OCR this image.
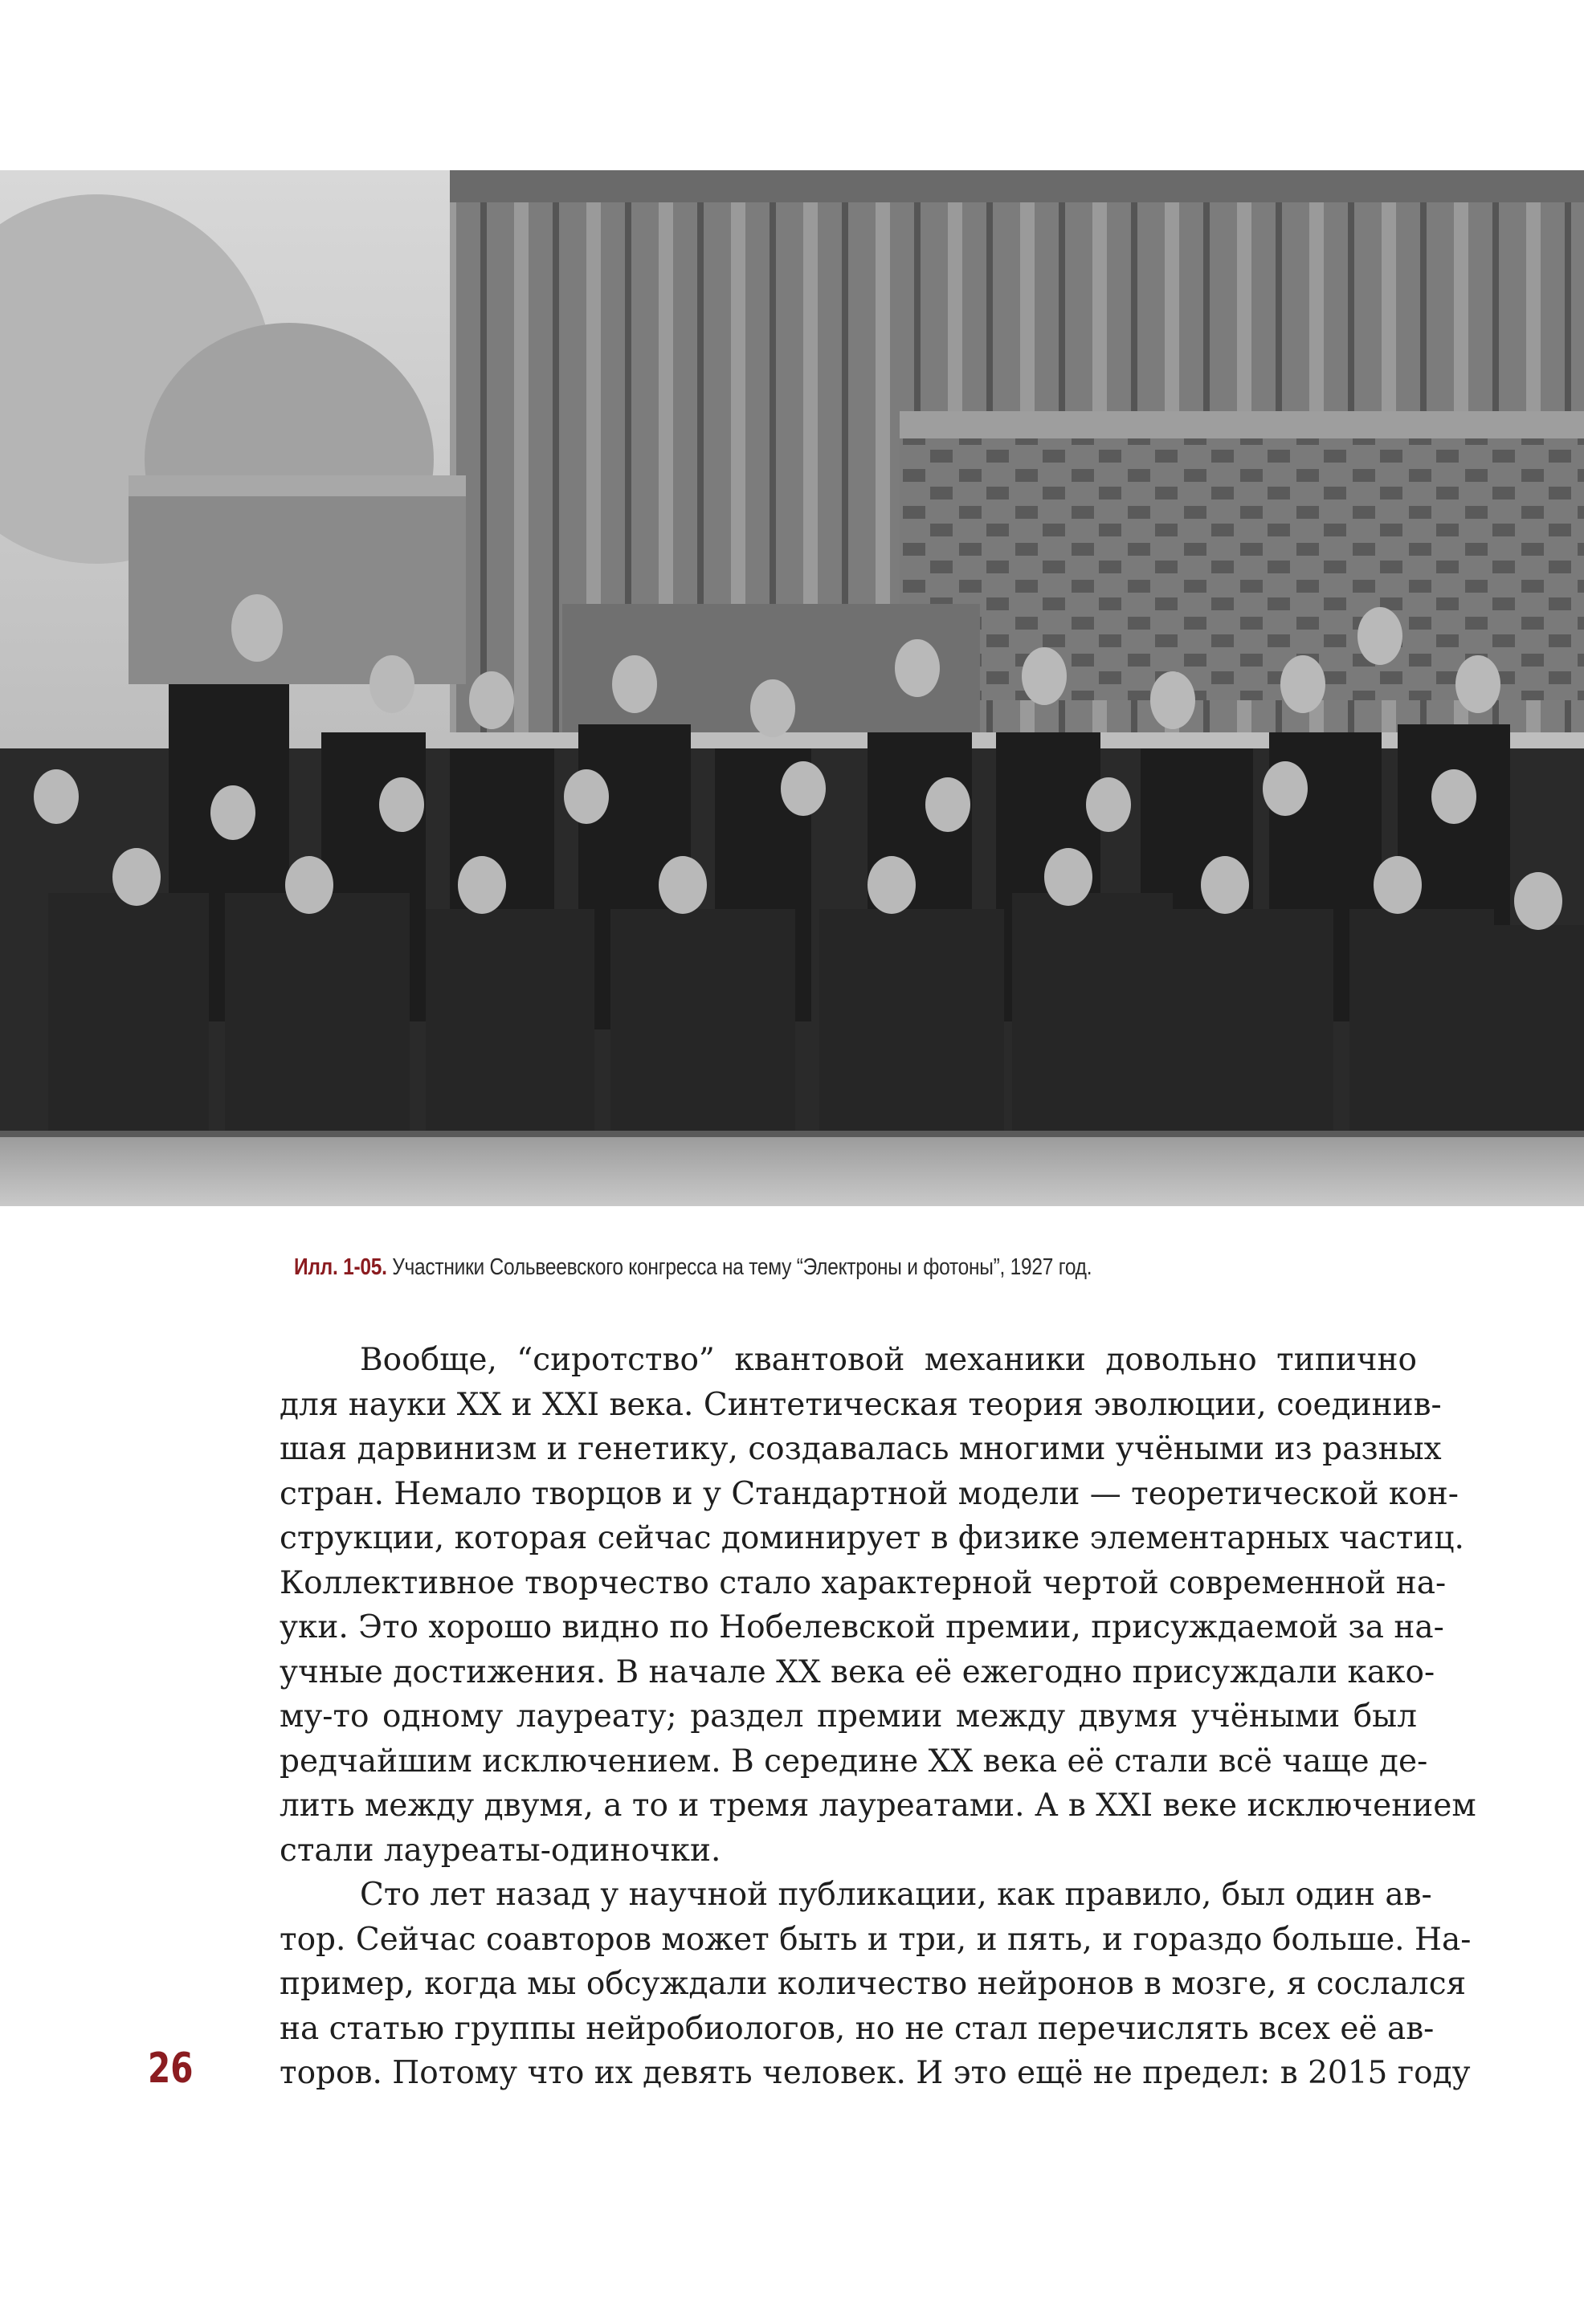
Илл. 1-05. Участники Сольвеевского конгресса на тему “Электроны и фотоны”, 1927 год.

Вообще, “сиротство” квантовой механики довольно типично
для науки XX и XXI века. Синтетическая теория эволюции, соединив-
шая дарвинизм и генетику, создавалась многими учёными из разных
стран. Немало творцов и у Стандартной модели — теоретической кон-
струкции, которая сейчас доминирует в физике элементарных частиц.
Коллективное творчество стало характерной чертой современной на-
уки. Это хорошо видно по Нобелевской премии, присуждаемой за на-
учные достижения. В начале XX века её ежегодно присуждали како-
му-то одному лауреату; раздел премии между двумя учёными был
редчайшим исключением. В середине XX века её стали всё чаще де-
лить между двумя, а то и тремя лауреатами. А в XXI веке исключением
стали лауреаты-одиночки.

Сто лет назад у научной публикации, как правило, был один ав-
тор. Сейчас соавторов может быть и три, и пять, и гораздо больше. На-
пример, когда мы обсуждали количество нейронов в мозге, я сослался
на статью группы нейробиологов, но не стал перечислять всех её ав-
торов. Потому что их девять человек. И это ещё не предел: в 2015 году

26
